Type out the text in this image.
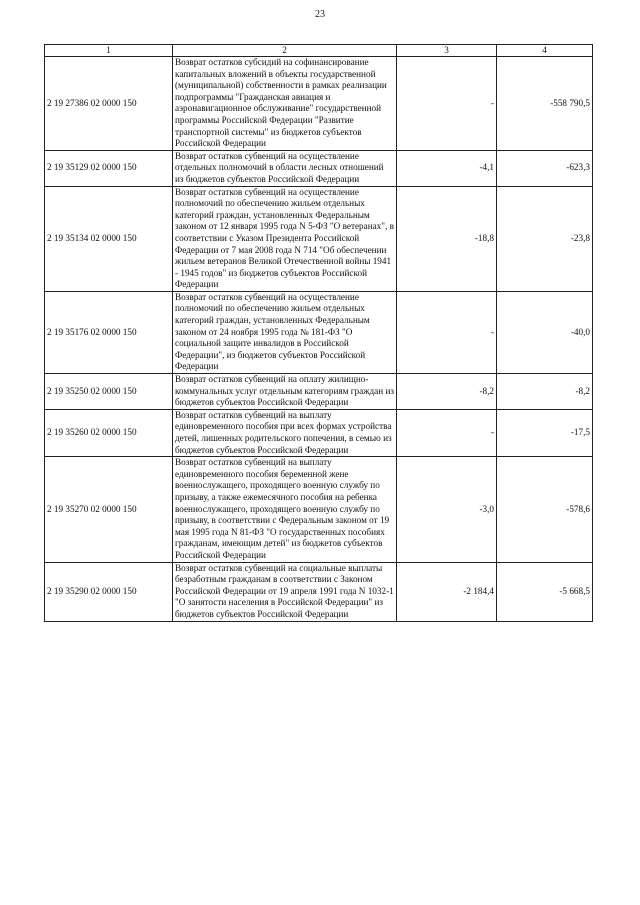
23
1	2	3	4
2 19 27386 02 0000 150	Возврат остатков субсидий на софинансирование капитальных вложений в объекты государственной (муниципальной) собственности в рамках реализации подпрограммы "Гражданская авиация и аэронавигационное обслуживание" государственной программы Российской Федерации "Развитие транспортной системы" из бюджетов субъектов Российской Федерации	-	-558 790,5
2 19 35129 02 0000 150	Возврат остатков субвенций на осуществление отдельных полномочий в области лесных отношений из бюджетов субъектов Российской Федерации	-4,1	-623,3
2 19 35134 02 0000 150	Возврат остатков субвенций на осуществление полномочий по обеспечению жильем отдельных категорий граждан, установленных Федеральным законом от 12 января 1995 года N 5-ФЗ "О ветеранах", в соответствии с Указом Президента Российской Федерации от 7 мая 2008 года N 714 "Об обеспечении жильем ветеранов Великой Отечественной войны 1941 - 1945 годов" из бюджетов субъектов Российской Федерации	-18,8	-23,8
2 19 35176 02 0000 150	Возврат остатков субвенций на осуществление полномочий по обеспечению жильем отдельных категорий граждан, установленных Федеральным законом от 24 ноября 1995 года № 181-ФЗ "О социальной защите инвалидов в Российской Федерации", из бюджетов субъектов Российской Федерации	-	-40,0
2 19 35250 02 0000 150	Возврат остатков субвенций на оплату жилищно-коммунальных услуг отдельным категориям граждан из бюджетов субъектов Российской Федерации	-8,2	-8,2
2 19 35260 02 0000 150	Возврат остатков субвенций на выплату единовременного пособия при всех формах устройства детей, лишенных родительского попечения, в семью из бюджетов субъектов Российской Федерации	-	-17,5
2 19 35270 02 0000 150	Возврат остатков субвенций на выплату единовременного пособия беременной жене военнослужащего, проходящего военную службу по призыву, а также ежемесячного пособия на ребенка военнослужащего, проходящего военную службу по призыву, в соответствии с Федеральным законом от 19 мая 1995 года N 81-ФЗ "О государственных пособиях гражданам, имеющим детей" из бюджетов субъектов Российской Федерации	-3,0	-578,6
2 19 35290 02 0000 150	Возврат остатков субвенций на социальные выплаты безработным гражданам в соответствии с Законом Российской Федерации от 19 апреля 1991 года N 1032-1 "О занятости населения в Российской Федерации" из бюджетов субъектов Российской Федерации	-2 184,4	-5 668,5
